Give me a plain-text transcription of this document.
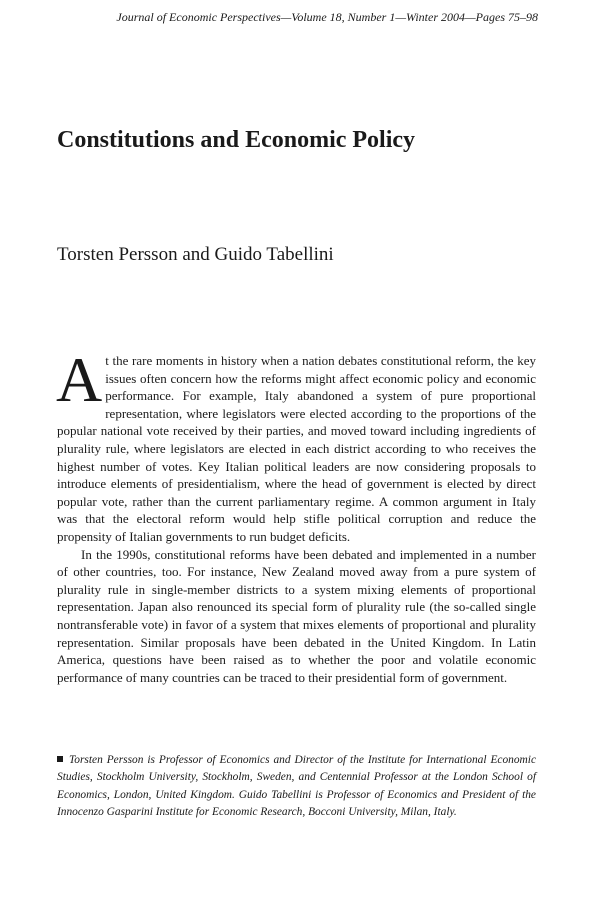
Journal of Economic Perspectives—Volume 18, Number 1—Winter 2004—Pages 75–98
Constitutions and Economic Policy
Torsten Persson and Guido Tabellini

At the rare moments in history when a nation debates constitutional reform, the key issues often concern how the reforms might affect economic policy and economic performance. For example, Italy abandoned a system of pure proportional representation, where legislators were elected according to the proportions of the popular national vote received by their parties, and moved toward including ingredients of plurality rule, where legislators are elected in each district according to who receives the highest number of votes. Key Italian political leaders are now considering proposals to introduce elements of presidentialism, where the head of government is elected by direct popular vote, rather than the current parliamentary regime. A common argument in Italy was that the electoral reform would help stifle political corruption and reduce the propensity of Italian governments to run budget deficits.

In the 1990s, constitutional reforms have been debated and implemented in a number of other countries, too. For instance, New Zealand moved away from a pure system of plurality rule in single-member districts to a system mixing elements of proportional representation. Japan also renounced its special form of plurality rule (the so-called single nontransferable vote) in favor of a system that mixes elements of proportional and plurality representation. Similar proposals have been debated in the United Kingdom. In Latin America, questions have been raised as to whether the poor and volatile economic performance of many countries can be traced to their presidential form of government.

Torsten Persson is Professor of Economics and Director of the Institute for International Economic Studies, Stockholm University, Stockholm, Sweden, and Centennial Professor at the London School of Economics, London, United Kingdom. Guido Tabellini is Professor of Economics and President of the Innocenzo Gasparini Institute for Economic Research, Bocconi University, Milan, Italy.
